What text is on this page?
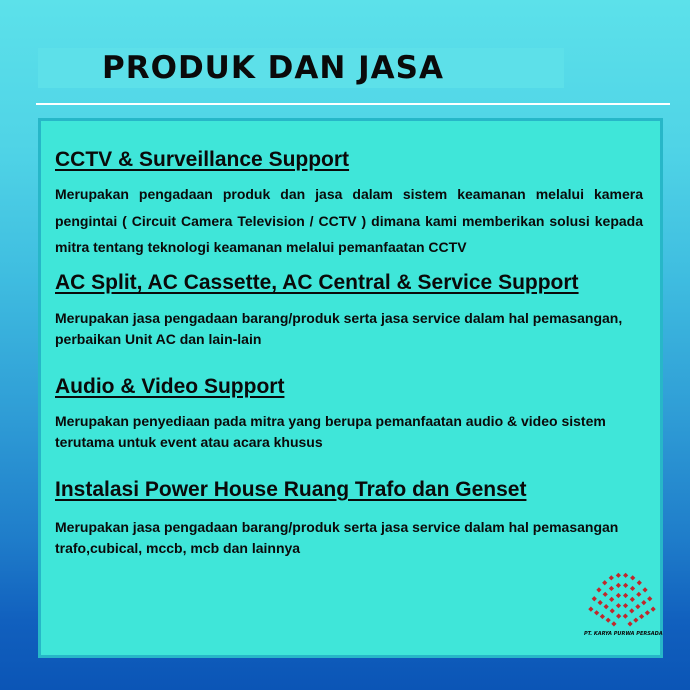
PRODUK DAN JASA
CCTV & Surveillance Support

Merupakan pengadaan produk dan jasa dalam sistem keamanan melalui kamera pengintai ( Circuit Camera Television / CCTV ) dimana kami memberikan solusi kepada mitra tentang teknologi keamanan melalui pemanfaatan CCTV

AC Split, AC Cassette, AC Central & Service Support

Merupakan jasa pengadaan barang/produk serta jasa service dalam hal pemasangan, perbaikan Unit AC dan lain-lain

Audio & Video Support

Merupakan penyediaan pada mitra yang berupa pemanfaatan audio & video sistem terutama untuk event atau acara khusus

Instalasi Power House Ruang Trafo dan Genset

Merupakan jasa pengadaan barang/produk serta jasa service dalam hal pemasangan trafo,cubical, mccb, mcb dan lainnya

PT. KARYA PURWA PERSADA
